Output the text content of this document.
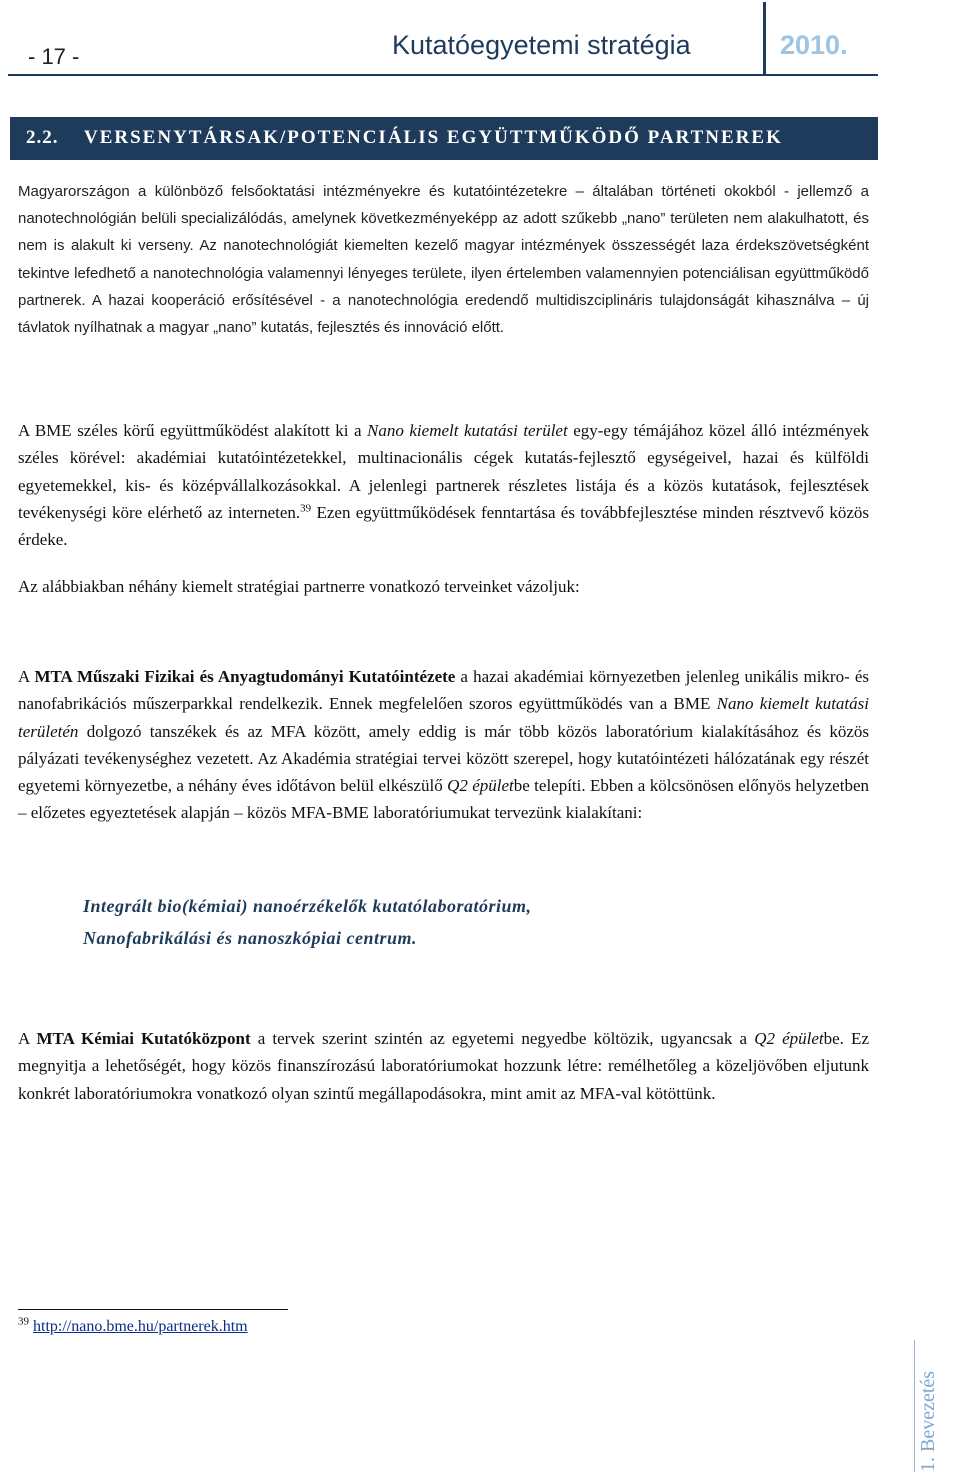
- 17 -	Kutatóegyetemi stratégia	2010.
2.2. VERSENYTÁRSAK/POTENCIÁLIS EGYÜTTMŰKÖDŐ PARTNEREK

Magyarországon a különböző felsőoktatási intézményekre és kutatóintézetekre – általában történeti okokból - jellemző a nanotechnológián belüli specializálódás, amelynek következményeképp az adott szűkebb „nano” területen nem alakulhatott, és nem is alakult ki verseny. Az nanotechnológiát kiemelten kezelő magyar intézmények összességét laza érdekszövetségként tekintve lefedhető a nanotechnológia valamennyi lényeges területe, ilyen értelemben valamennyien potenciálisan együttműködő partnerek. A hazai kooperáció erősítésével - a nanotechnológia eredendő multidiszciplináris tulajdonságát kihasználva – új távlatok nyílhatnak a magyar „nano” kutatás, fejlesztés és innováció előtt.

A BME széles körű együttműködést alakított ki a Nano kiemelt kutatási terület egy-egy témájához közel álló intézmények széles körével: akadémiai kutatóintézetekkel, multinacionális cégek kutatás-fejlesztő egységeivel, hazai és külföldi egyetemekkel, kis- és középvállalkozásokkal. A jelenlegi partnerek részletes listája és a közös kutatások, fejlesztések tevékenységi köre elérhető az interneten.$^{39}$ Ezen együttműködések fenntartása és továbbfejlesztése minden résztvevő közös érdeke.

Az alábbiakban néhány kiemelt stratégiai partnerre vonatkozó terveinket vázoljuk:

A MTA Műszaki Fizikai és Anyagtudományi Kutatóintézete a hazai akadémiai környezetben jelenleg unikális mikro- és nanofabrikációs műszerparkkal rendelkezik. Ennek megfelelően szoros együttműködés van a BME Nano kiemelt kutatási területén dolgozó tanszékek és az MFA között, amely eddig is már több közös laboratórium kialakításához és közös pályázati tevékenységhez vezetett. Az Akadémia stratégiai tervei között szerepel, hogy kutatóintézeti hálózatának egy részét egyetemi környezetbe, a néhány éves időtávon belül elkészülő Q2 épületbe telepíti. Ebben a kölcsönösen előnyös helyzetben – előzetes egyeztetések alapján – közös MFA-BME laboratóriumukat tervezünk kialakítani:

Integrált bio(kémiai) nanoérzékelők kutatólaboratórium,
Nanofabrikálási és nanoszkópiai centrum.

A MTA Kémiai Kutatóközpont a tervek szerint szintén az egyetemi negyedbe költözik, ugyancsak a Q2 épületbe. Ez megnyitja a lehetőségét, hogy közös finanszírozású laboratóriumokat hozzunk létre: remélhetőleg a közeljövőben eljutunk konkrét laboratóriumokra vonatkozó olyan szintű megállapodásokra, mint amit az MFA-val kötöttünk.

$^{39}$ http://nano.bme.hu/partnerek.htm
1. Bevezetés
